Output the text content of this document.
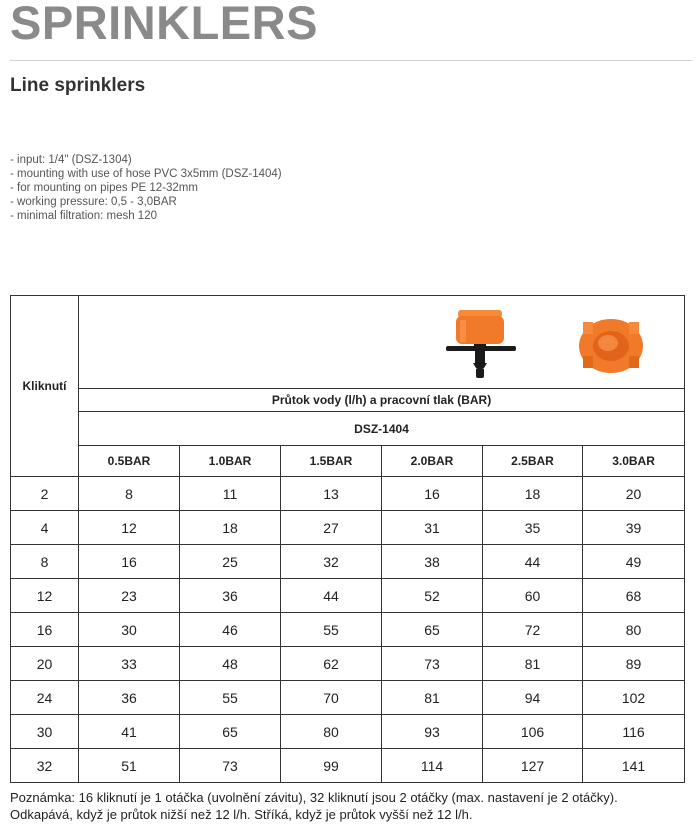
SPRINKLERS
Line sprinklers
- input: 1/4" (DSZ-1304)
- mounting with use of hose PVC 3x5mm (DSZ-1404)
- for mounting on pipes PE 12-32mm
- working pressure: 0,5 - 3,0BAR
- minimal filtration: mesh 120
Kliknutí	

	Průtok vody (l/h) a pracovní tlak (BAR)					
	DSZ-1404					
	0.5BAR	1.0BAR	1.5BAR	2.0BAR	2.5BAR	3.0BAR
2	8	11	13	16	18	20
4	12	18	27	31	35	39
8	16	25	32	38	44	49
12	23	36	44	52	60	68
16	30	46	55	65	72	80
20	33	48	62	73	81	89
24	36	55	70	81	94	102
30	41	65	80	93	106	116
32	51	73	99	114	127	141
Poznámka: 16 kliknutí je 1 otáčka (uvolnění závitu), 32 kliknutí jsou 2 otáčky (max. nastavení je 2 otáčky).
Odkapává, když je průtok nižší než 12 l/h. Stříká, když je průtok vyšší než 12 l/h.
